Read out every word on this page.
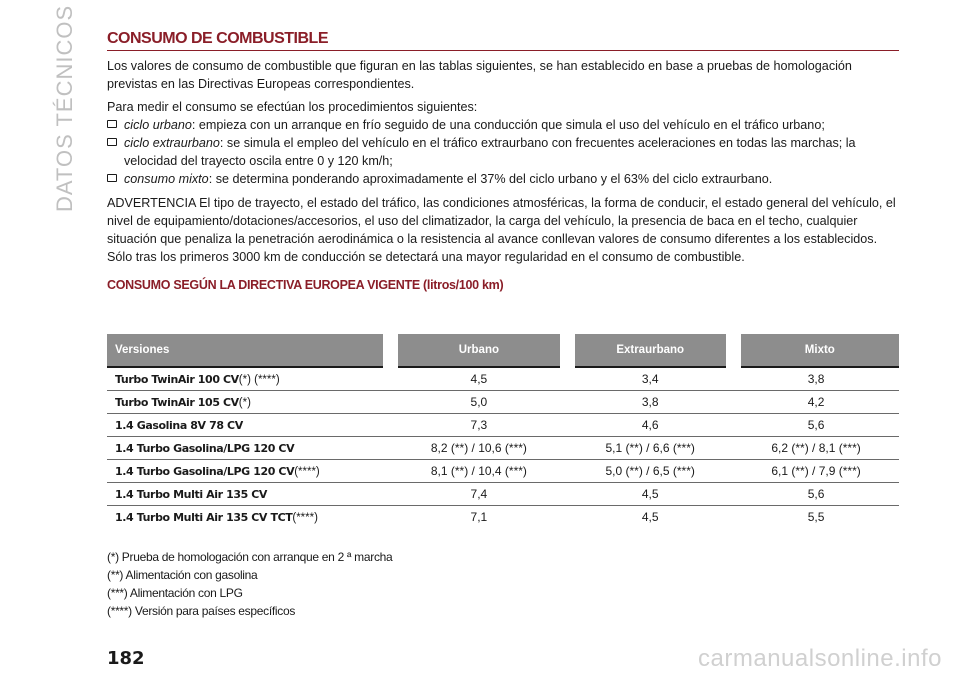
DATOS TÉCNICOS CONSUMO DE COMBUSTIBLE

Los valores de consumo de combustible que figuran en las tablas siguientes, se han establecido en base a pruebas de homologación previstas en las Directivas Europeas correspondientes.

Para medir el consumo se efectúan los procedimientos siguientes:

ciclo urbano: empieza con un arranque en frío seguido de una conducción que simula el uso del vehículo en el tráfico urbano;

ciclo extraurbano: se simula el empleo del vehículo en el tráfico extraurbano con frecuentes aceleraciones en todas las marchas; la velocidad del trayecto oscila entre 0 y 120 km/h;

consumo mixto: se determina ponderando aproximadamente el 37% del ciclo urbano y el 63% del ciclo extraurbano.

ADVERTENCIA El tipo de trayecto, el estado del tráfico, las condiciones atmosféricas, la forma de conducir, el estado general del vehículo, el nivel de equipamiento/dotaciones/accesorios, el uso del climatizador, la carga del vehículo, la presencia de baca en el techo, cualquier situación que penaliza la penetración aerodinámica o la resistencia al avance conllevan valores de consumo diferentes a los establecidos. Sólo tras los primeros 3000 km de conducción se detectará una mayor regularidad en el consumo de combustible.

CONSUMO SEGÚN LA DIRECTIVA EUROPEA VIGENTE (litros/100 km)
Versiones	Urbano	Extraurbano	Mixto
Turbo TwinAir 100 CV(*) (****)	4,5	3,4	3,8
Turbo TwinAir 105 CV(*)	5,0	3,8	4,2
1.4 Gasolina 8V 78 CV	7,3	4,6	5,6
1.4 Turbo Gasolina/LPG 120 CV	8,2 (**) / 10,6 (***)	5,1 (**) / 6,6 (***)	6,2 (**) / 8,1 (***)
1.4 Turbo Gasolina/LPG 120 CV(****)	8,1 (**) / 10,4 (***)	5,0 (**) / 6,5 (***)	6,1 (**) / 7,9 (***)
1.4 Turbo Multi Air 135 CV	7,4	4,5	5,6
1.4 Turbo Multi Air 135 CV TCT(****)	7,1	4,5	5,5
(*) Prueba de homologación con arranque en 2 ª marcha
(**) Alimentación con gasolina
(***) Alimentación con LPG
(****) Versión para países específicos
182	carmanualsonline.info
